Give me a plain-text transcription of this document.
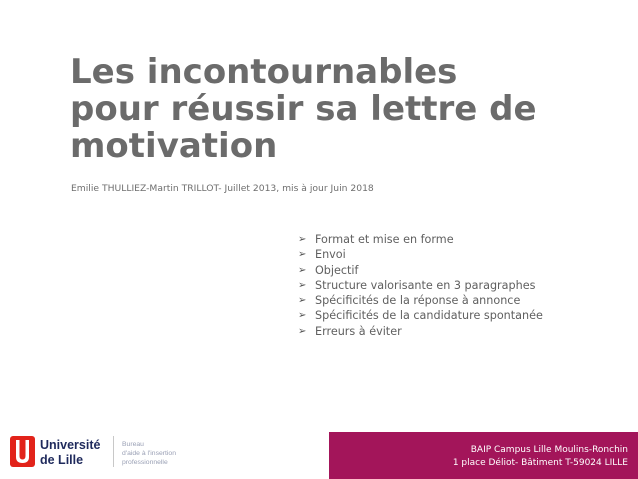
Les incontournables
pour réussir sa lettre de
motivation

Emilie THULLIEZ-Martin TRILLOT- Juillet 2013, mis à jour Juin 2018

➢ Format et mise en forme
➢ Envoi
➢ Objectif
➢ Structure valorisante en 3 paragraphes
➢ Spécificités de la réponse à annonce
➢ Spécificités de la candidature spontanée
➢ Erreurs à éviter
Université
de Lille
Bureau
d'aide à l'insertion
professionnelle
BAIP Campus Lille Moulins-Ronchin
1 place Déliot- Bâtiment T-59024 LILLE
